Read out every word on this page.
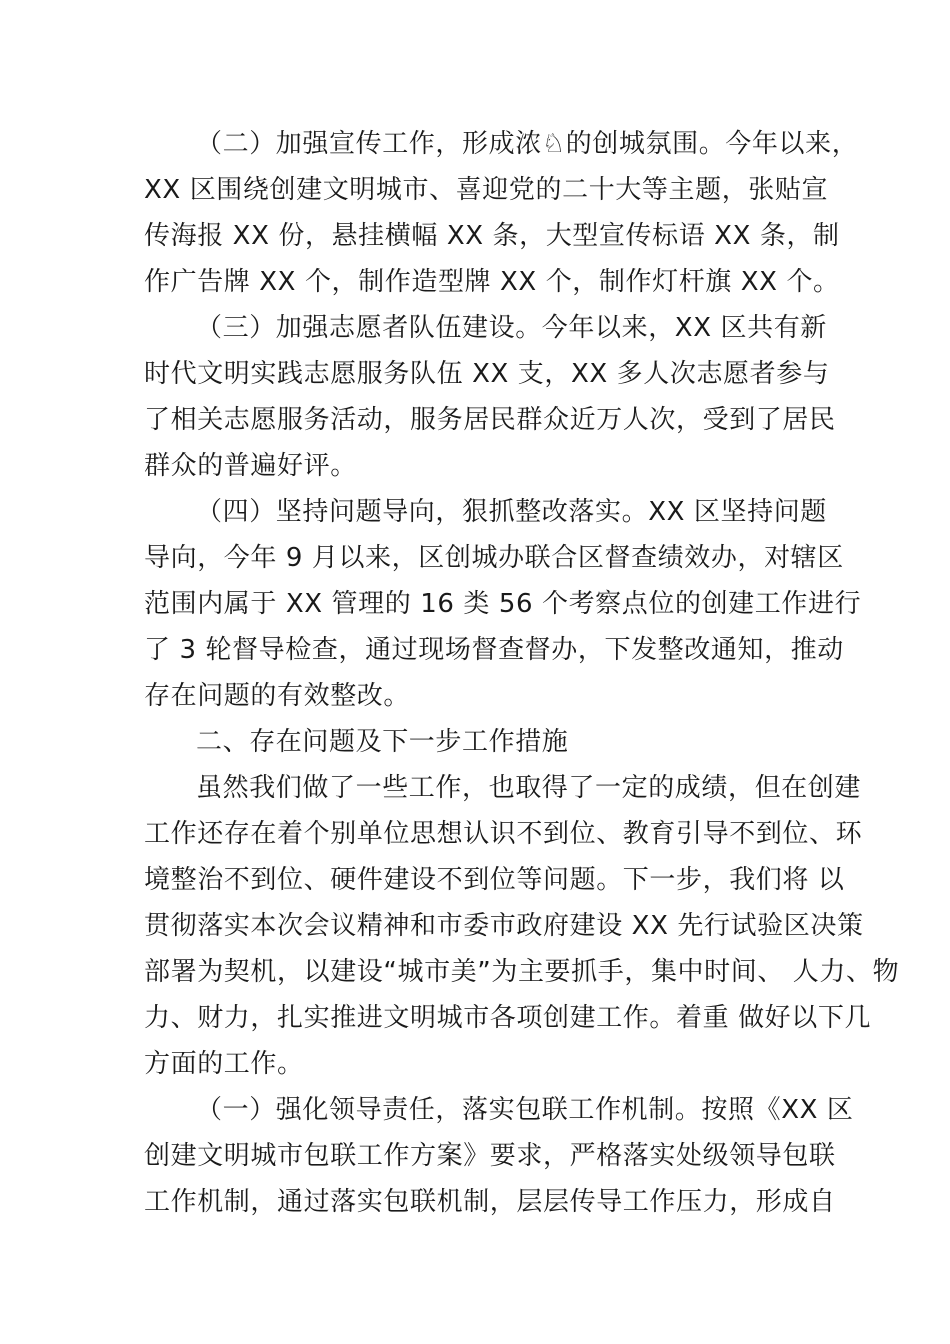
（二）加强宣传工作，形成浓♘的创城氛围。今年以来，
XX 区围绕创建文明城市、喜迎党的二十大等主题，张贴宣
传海报 XX 份，悬挂横幅 XX 条，大型宣传标语 XX 条，制
作广告牌 XX 个，制作造型牌 XX 个，制作灯杆旗 XX 个。
（三）加强志愿者队伍建设。今年以来，XX 区共有新
时代文明实践志愿服务队伍 XX 支，XX 多人次志愿者参与
了相关志愿服务活动，服务居民群众近万人次，受到了居民
群众的普遍好评。
（四）坚持问题导向，狠抓整改落实。XX 区坚持问题
导向，今年 9 月以来，区创城办联合区督查绩效办，对辖区
范围内属于 XX 管理的 16 类 56 个考察点位的创建工作进行
了 3 轮督导检查，通过现场督查督办，下发整改通知，推动
存在问题的有效整改。
二、存在问题及下一步工作措施
虽然我们做了一些工作，也取得了一定的成绩，但在创建
工作还存在着个别单位思想认识不到位、教育引导不到位、环
境整治不到位、硬件建设不到位等问题。下一步，我们将 以
贯彻落实本次会议精神和市委市政府建设 XX 先行试验区决策
部署为契机，以建设“城市美”为主要抓手，集中时间、 人力、物
力、财力，扎实推进文明城市各项创建工作。着重 做好以下几
方面的工作。
（一）强化领导责任，落实包联工作机制。按照《XX 区
创建文明城市包联工作方案》要求，严格落实处级领导包联
工作机制，通过落实包联机制，层层传导工作压力，形成自
